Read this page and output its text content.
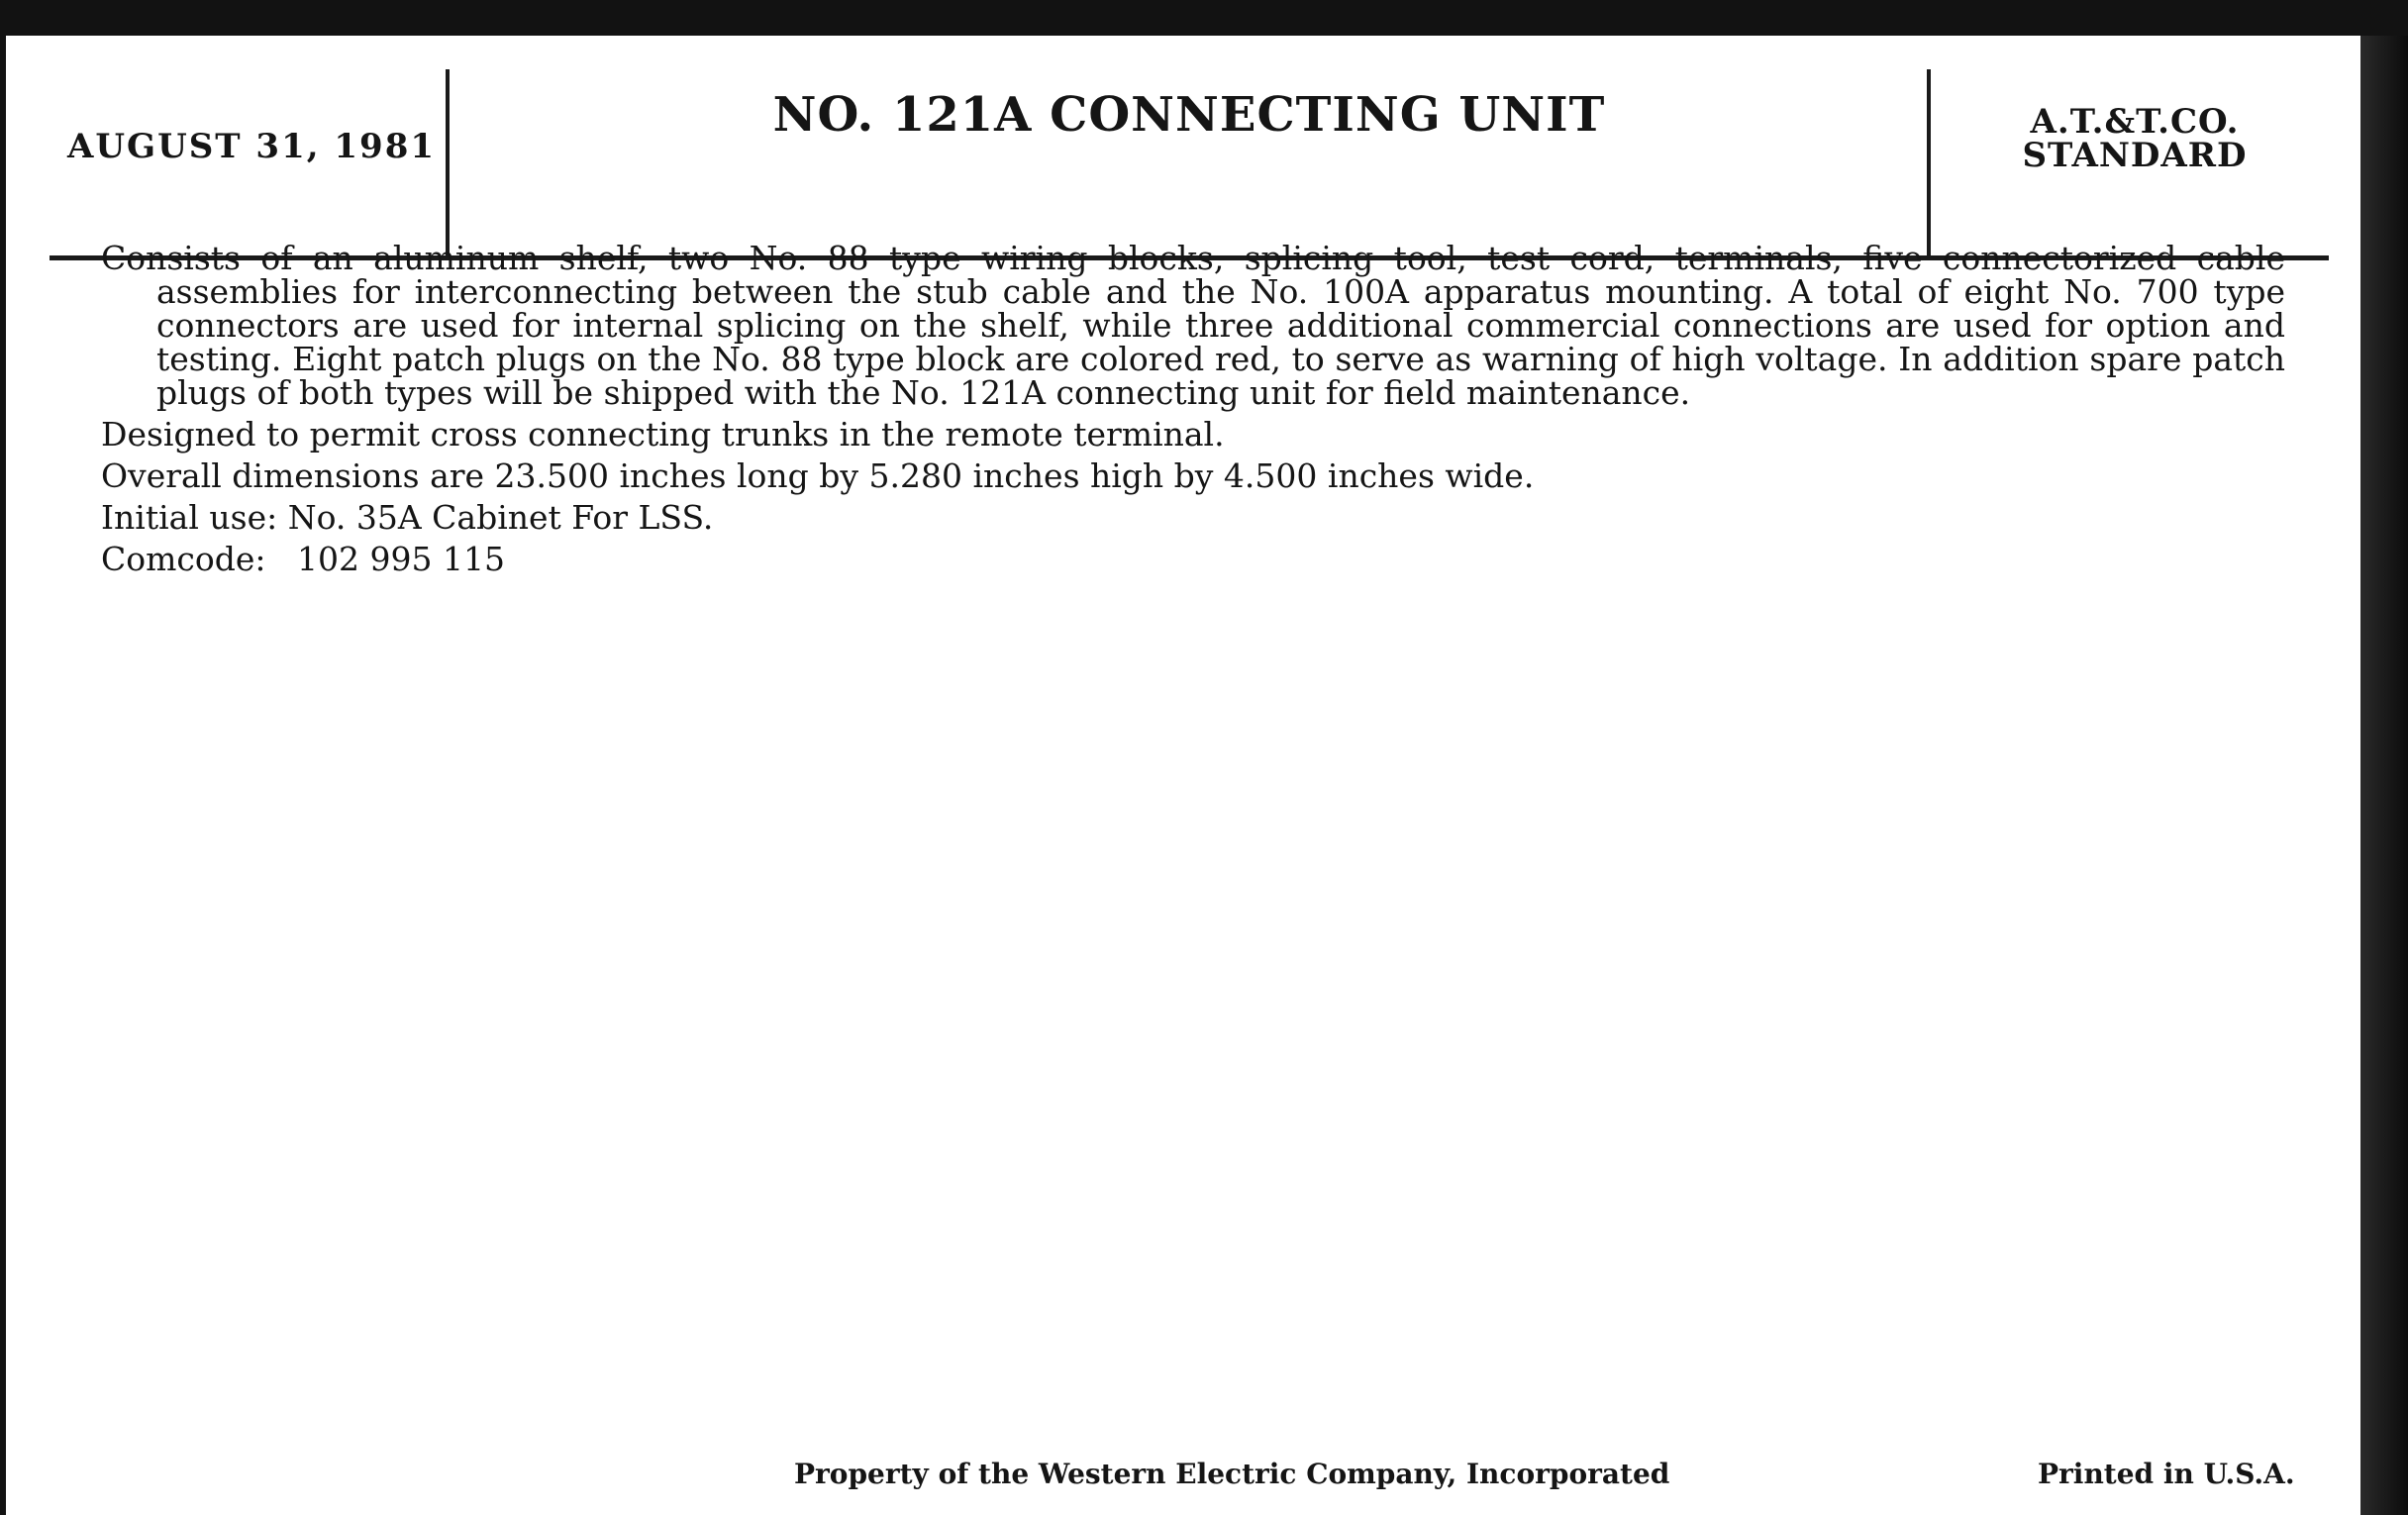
AUGUST 31, 1981
NO. 121A CONNECTING UNIT	A.T.&T.CO.
STANDARD

Consists of an aluminum shelf, two No. 88 type wiring blocks, splicing tool, test cord, terminals, five connectorized cable assemblies for interconnecting between the stub cable and the No. 100A apparatus mounting. A total of eight No. 700 type connectors are used for internal splicing on the shelf, while three additional commercial connections are used for option and testing. Eight patch plugs on the No. 88 type block are colored red, to serve as warning of high voltage. In addition spare patch plugs of both types will be shipped with the No. 121A connecting unit for field maintenance.

Designed to permit cross connecting trunks in the remote terminal.

Overall dimensions are 23.500 inches long by 5.280 inches high by 4.500 inches wide.

Initial use: No. 35A Cabinet For LSS.

Comcode: 102 995 115

Property of the Western Electric Company, Incorporated	Printed in U.S.A.
